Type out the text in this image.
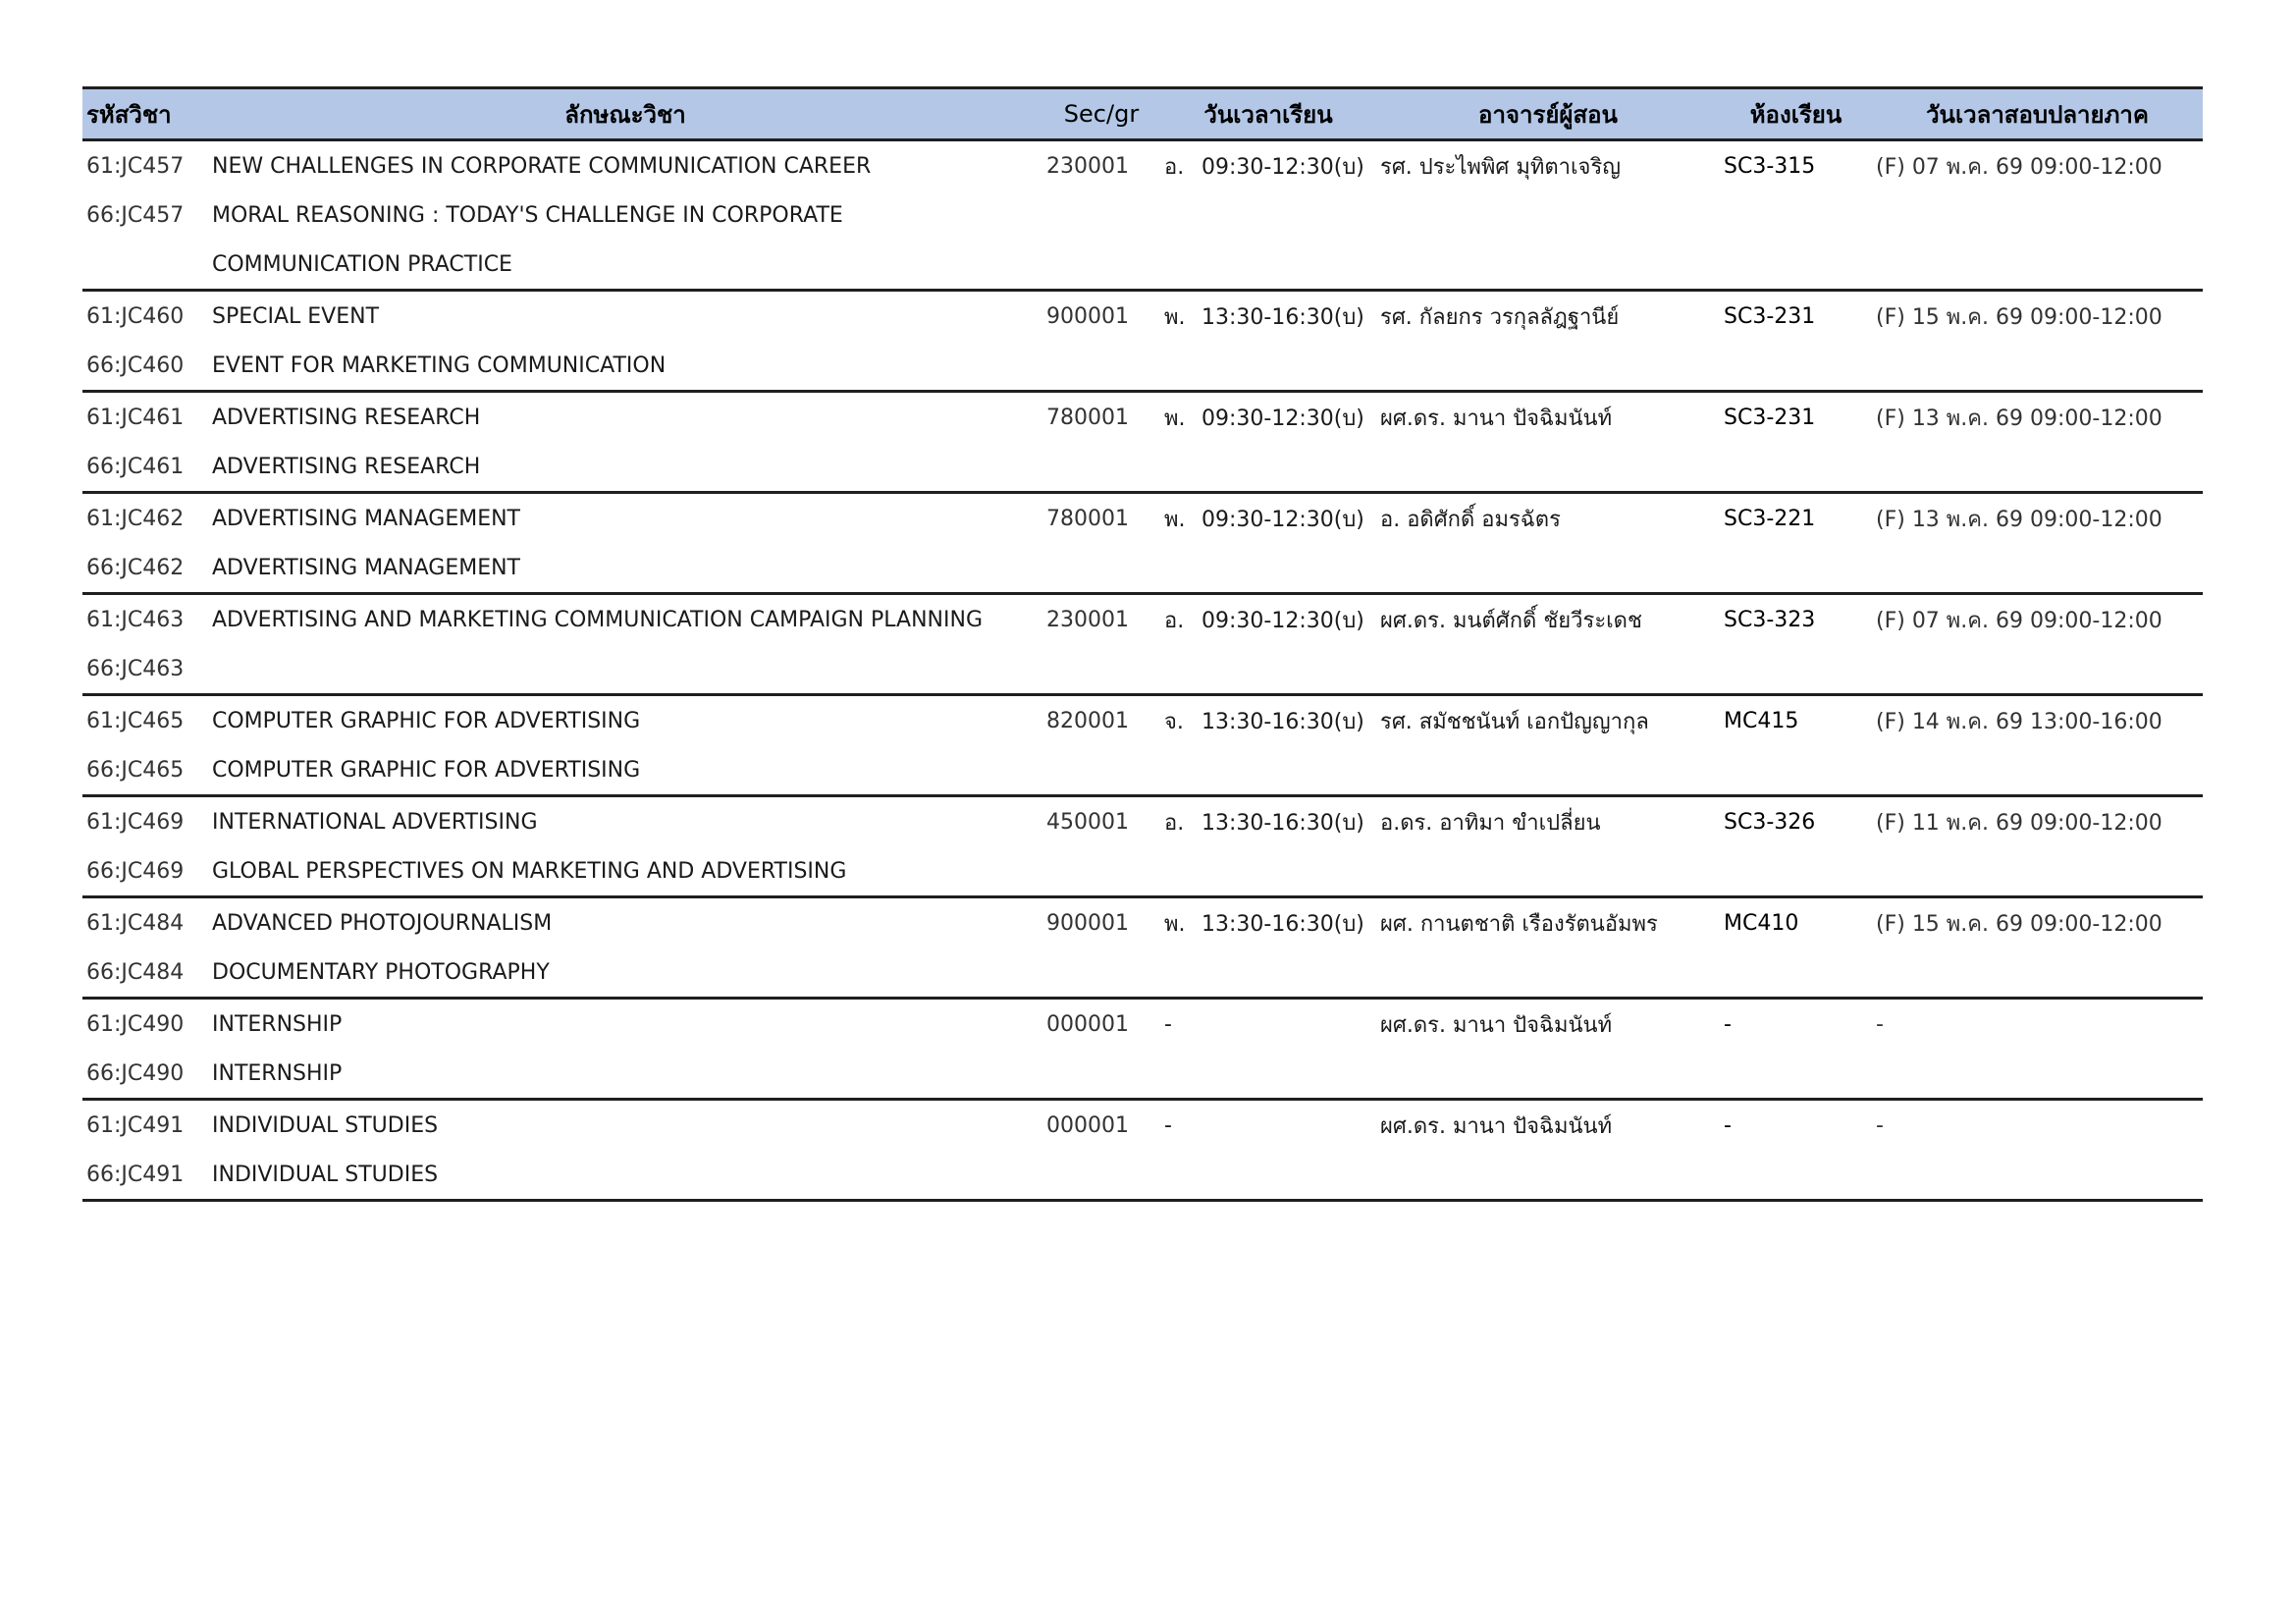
รหัสวิชา	ลักษณะวิชา	Sec/gr	วันเวลาเรียน	อาจารย์ผู้สอน	ห้องเรียน	วันเวลาสอบปลายภาค
61:JC457	NEW CHALLENGES IN CORPORATE COMMUNICATION CAREER	230001	อ. 09:30-12:30(บ)	รศ. ประไพพิศ มุทิตาเจริญ	SC3-315	(F) 07 พ.ค. 69 09:00-12:00
66:JC457	MORAL REASONING : TODAY'S CHALLENGE IN CORPORATE					
	COMMUNICATION PRACTICE					
61:JC460	SPECIAL EVENT	900001	พ. 13:30-16:30(บ)	รศ. กัลยกร วรกุลลัฎฐานีย์	SC3-231	(F) 15 พ.ค. 69 09:00-12:00
66:JC460	EVENT FOR MARKETING COMMUNICATION					
61:JC461	ADVERTISING RESEARCH	780001	พ. 09:30-12:30(บ)	ผศ.ดร. มานา ปัจฉิมนันท์	SC3-231	(F) 13 พ.ค. 69 09:00-12:00
66:JC461	ADVERTISING RESEARCH					
61:JC462	ADVERTISING MANAGEMENT	780001	พ. 09:30-12:30(บ)	อ. อดิศักดิ์ อมรฉัตร	SC3-221	(F) 13 พ.ค. 69 09:00-12:00
66:JC462	ADVERTISING MANAGEMENT					
61:JC463	ADVERTISING AND MARKETING COMMUNICATION CAMPAIGN PLANNING	230001	อ. 09:30-12:30(บ)	ผศ.ดร. มนต์ศักดิ์ ชัยวีระเดช	SC3-323	(F) 07 พ.ค. 69 09:00-12:00
66:JC463						
61:JC465	COMPUTER GRAPHIC FOR ADVERTISING	820001	จ. 13:30-16:30(บ)	รศ. สมัชชนันท์ เอกปัญญากุล	MC415	(F) 14 พ.ค. 69 13:00-16:00
66:JC465	COMPUTER GRAPHIC FOR ADVERTISING					
61:JC469	INTERNATIONAL ADVERTISING	450001	อ. 13:30-16:30(บ)	อ.ดร. อาทิมา ขำเปลี่ยน	SC3-326	(F) 11 พ.ค. 69 09:00-12:00
66:JC469	GLOBAL PERSPECTIVES ON MARKETING AND ADVERTISING					
61:JC484	ADVANCED PHOTOJOURNALISM	900001	พ. 13:30-16:30(บ)	ผศ. กานตชาติ เรืองรัตนอัมพร	MC410	(F) 15 พ.ค. 69 09:00-12:00
66:JC484	DOCUMENTARY PHOTOGRAPHY					
61:JC490	INTERNSHIP	000001	-	ผศ.ดร. มานา ปัจฉิมนันท์	-	-
66:JC490	INTERNSHIP					
61:JC491	INDIVIDUAL STUDIES	000001	-	ผศ.ดร. มานา ปัจฉิมนันท์	-	-
66:JC491	INDIVIDUAL STUDIES					
